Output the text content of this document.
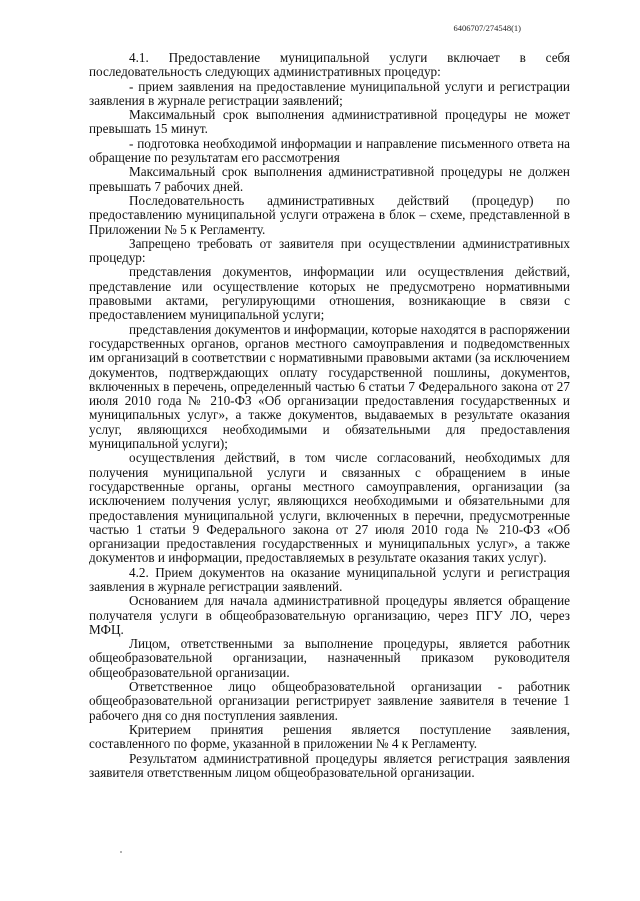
6406707/274548(1)

4.1. Предоставление муниципальной услуги включает в себя последовательность следующих административных процедур:

- прием заявления на предоставление муниципальной услуги и регистрации заявления в журнале регистрации заявлений;

Максимальный срок выполнения административной процедуры не может превышать 15 минут.

- подготовка необходимой информации и направление письменного ответа на обращение по результатам его рассмотрения

Максимальный срок выполнения административной процедуры не должен превышать 7 рабочих дней.

Последовательность административных действий (процедур) по предоставлению муниципальной услуги отражена в блок – схеме, представленной в Приложении № 5 к Регламенту.

Запрещено требовать от заявителя при осуществлении административных процедур:

представления документов, информации или осуществления действий, представление или осуществление которых не предусмотрено нормативными правовыми актами, регулирующими отношения, возникающие в связи с предоставлением муниципальной услуги;

представления документов и информации, которые находятся в распоряжении государственных органов, органов местного самоуправления и подведомственных им организаций в соответствии с нормативными правовыми актами (за исключением документов, подтверждающих оплату государственной пошлины, документов, включенных в перечень, определенный частью 6 статьи 7 Федерального закона от 27 июля 2010 года № 210-ФЗ «Об организации предоставления государственных и муниципальных услуг», а также документов, выдаваемых в результате оказания услуг, являющихся необходимыми и обязательными для предоставления муниципальной услуги);

осуществления действий, в том числе согласований, необходимых для получения муниципальной услуги и связанных с обращением в иные государственные органы, органы местного самоуправления, организации (за исключением получения услуг, являющихся необходимыми и обязательными для предоставления муниципальной услуги, включенных в перечни, предусмотренные частью 1 статьи 9 Федерального закона от 27 июля 2010 года № 210-ФЗ «Об организации предоставления государственных и муниципальных услуг», а также документов и информации, предоставляемых в результате оказания таких услуг).

4.2. Прием документов на оказание муниципальной услуги и регистрация заявления в журнале регистрации заявлений.

Основанием для начала административной процедуры является обращение получателя услуги в общеобразовательную организацию, через ПГУ ЛО, через МФЦ.

Лицом, ответственными за выполнение процедуры, является работник общеобразовательной организации, назначенный приказом руководителя общеобразовательной организации.

Ответственное лицо общеобразовательной организации - работник общеобразовательной организации регистрирует заявление заявителя в течение 1 рабочего дня со дня поступления заявления.

Критерием принятия решения является поступление заявления, составленного по форме, указанной в приложении № 4 к Регламенту.

Результатом административной процедуры является регистрация заявления заявителя ответственным лицом общеобразовательной организации.
